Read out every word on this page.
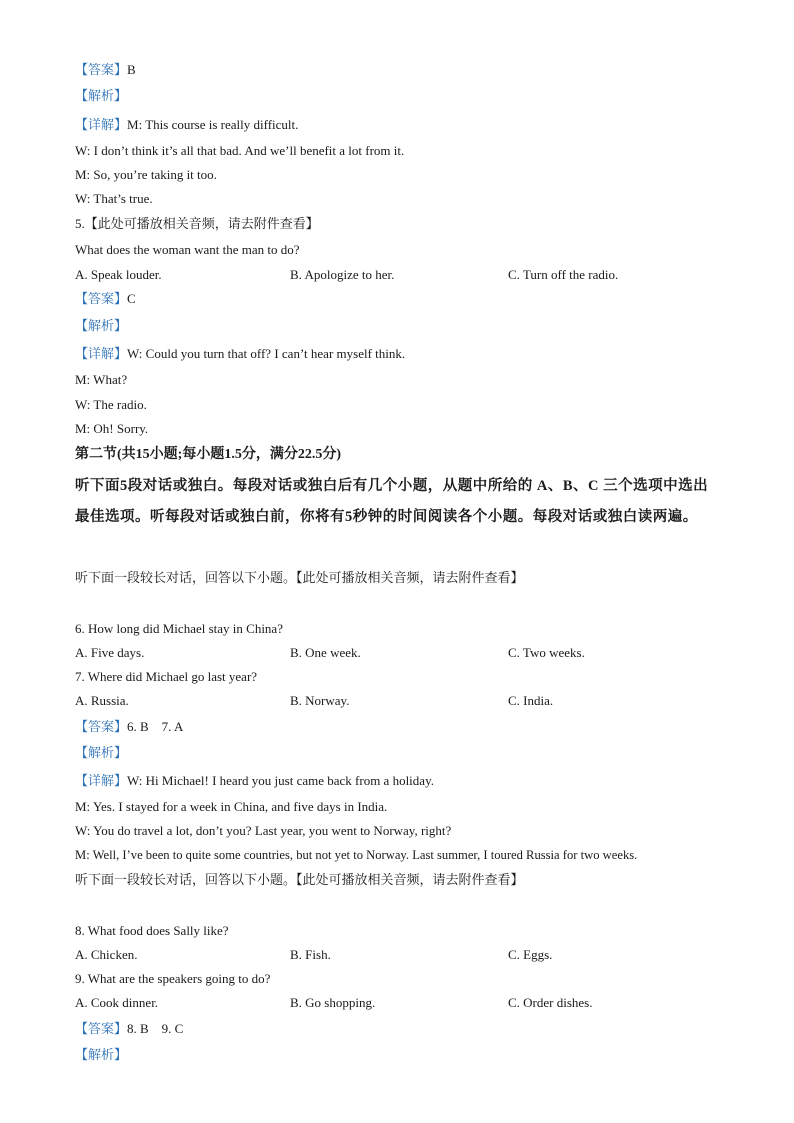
【答案】B
【解析】
【详解】M: This course is really difficult.
W: I don’t think it’s all that bad. And we’ll benefit a lot from it.
M: So, you’re taking it too.
W: That’s true.
5.【此处可播放相关音频，请去附件查看】
What does the woman want the man to do?
A. Speak louder.	B. Apologize to her.	C. Turn off the radio.
【答案】C
【解析】
【详解】W: Could you turn that off? I can’t hear myself think.
M: What?
W: The radio.
M: Oh! Sorry.
第二节(共15小题;每小题1.5分，满分22.5分)
听下面5段对话或独白。每段对话或独白后有几个小题，从题中所给的 A、B、C 三个选项中选出最佳选项。听每段对话或独白前，你将有5秒钟的时间阅读各个小题。每段对话或独白读两遍。
听下面一段较长对话，回答以下小题。【此处可播放相关音频，请去附件查看】
6. How long did Michael stay in China?
A. Five days.	B. One week.	C. Two weeks.
7. Where did Michael go last year?
A. Russia.	B. Norway.	C. India.
【答案】6. B    7. A
【解析】
【详解】W: Hi Michael! I heard you just came back from a holiday.
M: Yes. I stayed for a week in China, and five days in India.
W: You do travel a lot, don’t you? Last year, you went to Norway, right?
M: Well, I’ve been to quite some countries, but not yet to Norway. Last summer, I toured Russia for two weeks.
听下面一段较长对话，回答以下小题。【此处可播放相关音频，请去附件查看】
8. What food does Sally like?
A. Chicken.	B. Fish.	C. Eggs.
9. What are the speakers going to do?
A. Cook dinner.	B. Go shopping.	C. Order dishes.
【答案】8. B    9. C
【解析】
